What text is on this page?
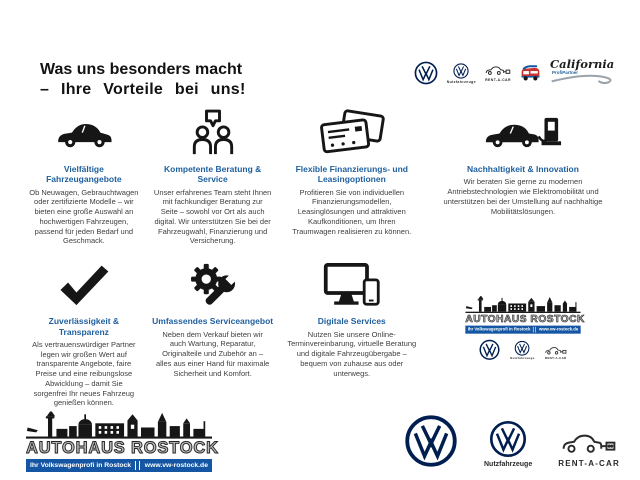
Was uns besonders macht
– Ihre Vorteile bei uns!	Nutzfahrzeuge	RENT-A-CAR
California
ProfiPartner
Vielfältige Fahrzeugangebote
Ob Neuwagen, Gebrauchtwagen oder zertifizierte Modelle – wir bieten eine große Auswahl an hochwertigen Fahrzeugen, passend für jeden Bedarf und Geschmack.
Kompetente Beratung & Service
Unser erfahrenes Team steht Ihnen mit fachkundiger Beratung zur Seite – sowohl vor Ort als auch digital. Wir unterstützen Sie bei der Fahrzeugwahl, Finanzierung und Versicherung.
Flexible Finanzierungs- und Leasingoptionen
Profitieren Sie von individuellen Finanzierungsmodellen, Leasinglösungen und attraktiven Kaufkonditionen, um Ihren Traumwagen realisieren zu können.
Nachhaltigkeit & Innovation
Wir beraten Sie gerne zu modernen Antriebstechnologien wie Elektromobilität und unterstützen bei der Umstellung auf nachhaltige Mobilitätslösungen.
Zuverlässigkeit & Transparenz
Als vertrauenswürdiger Partner legen wir großen Wert auf transparente Angebote, faire Preise und eine reibungslose Abwicklung – damit Sie sorgenfrei Ihr neues Fahrzeug genießen können.
Umfassendes Serviceangebot
Neben dem Verkauf bieten wir auch Wartung, Reparatur, Originalteile und Zubehör an – alles aus einer Hand für maximale Sicherheit und Komfort.
Digitale Services
Nutzen Sie unsere Online-Terminvereinbarung, virtuelle Beratung und digitale Fahrzeugübergabe – bequem von zuhause aus oder unterwegs.
AUTOHAUS ROSTOCK
Ihr Volkswagenprofi in Rostock www.vw-rostock.de
Nutzfahrzeuge RENT-A-CAR
AUTOHAUS ROSTOCK
Ihr Volkswagenprofi in Rostock www.vw-rostock.de	Nutzfahrzeuge	RENT-A-CAR
